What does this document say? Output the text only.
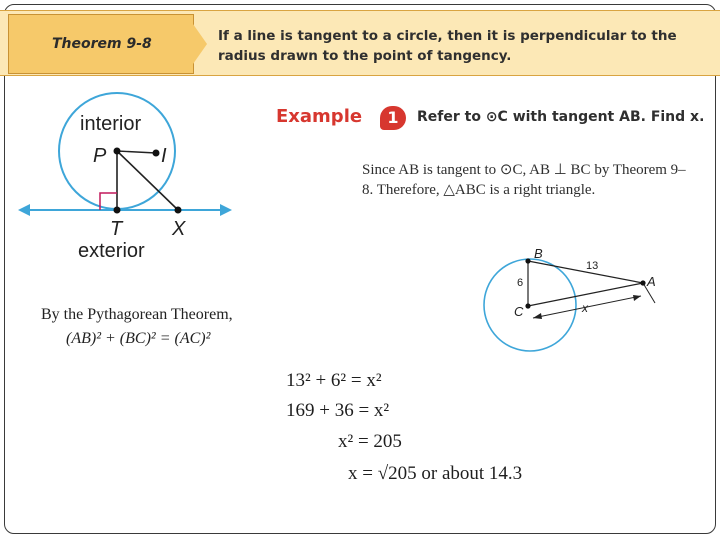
Theorem 9-8	If a line is tangent to a circle, then it is perpendicular to the radius drawn to the point of tangency.
interior
exterior
P	I
T X
B
A
C
6
13
x
Example	1	Refer to ⊙C with tangent AB. Find x.
Since AB is tangent to ⊙C, AB ⊥ BC by Theorem 9–8. Therefore, △ABC is a right triangle.
By the Pythagorean Theorem,
(AB)² + (BC)² = (AC)²
13² + 6² = x²
169 + 36 = x²
x² = 205
x = √205 or about 14.3
